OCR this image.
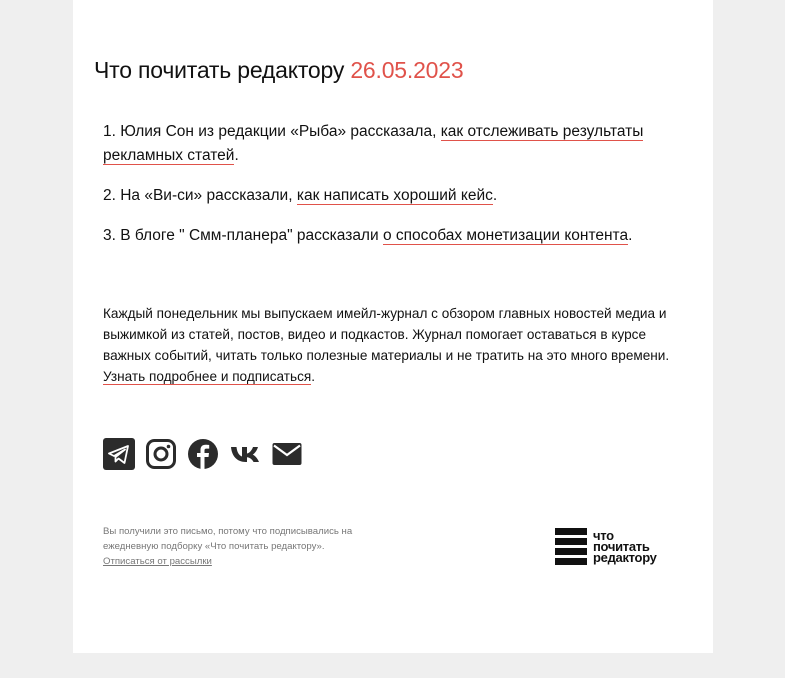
Что почитать редактору 26.05.2023

1. Юлия Сон из редакции «Рыба» рассказала, как отслеживать результаты рекламных статей.

2. На «Ви-си» рассказали, как написать хороший кейс.

3. В блоге " Смм-планера" рассказали о способах монетизации контента.

Каждый понедельник мы выпускаем имейл-журнал с обзором главных новостей медиа и выжимкой из статей, постов, видео и подкастов. Журнал помогает оставаться в курсе важных событий, читать только полезные материалы и не тратить на это много времени. Узнать подробнее и подписаться.
Вы получили это письмо, потому что подписывались на ежедневную подборку «Что почитать редактору».
Отписаться от рассылки
что
почитать
редактору
